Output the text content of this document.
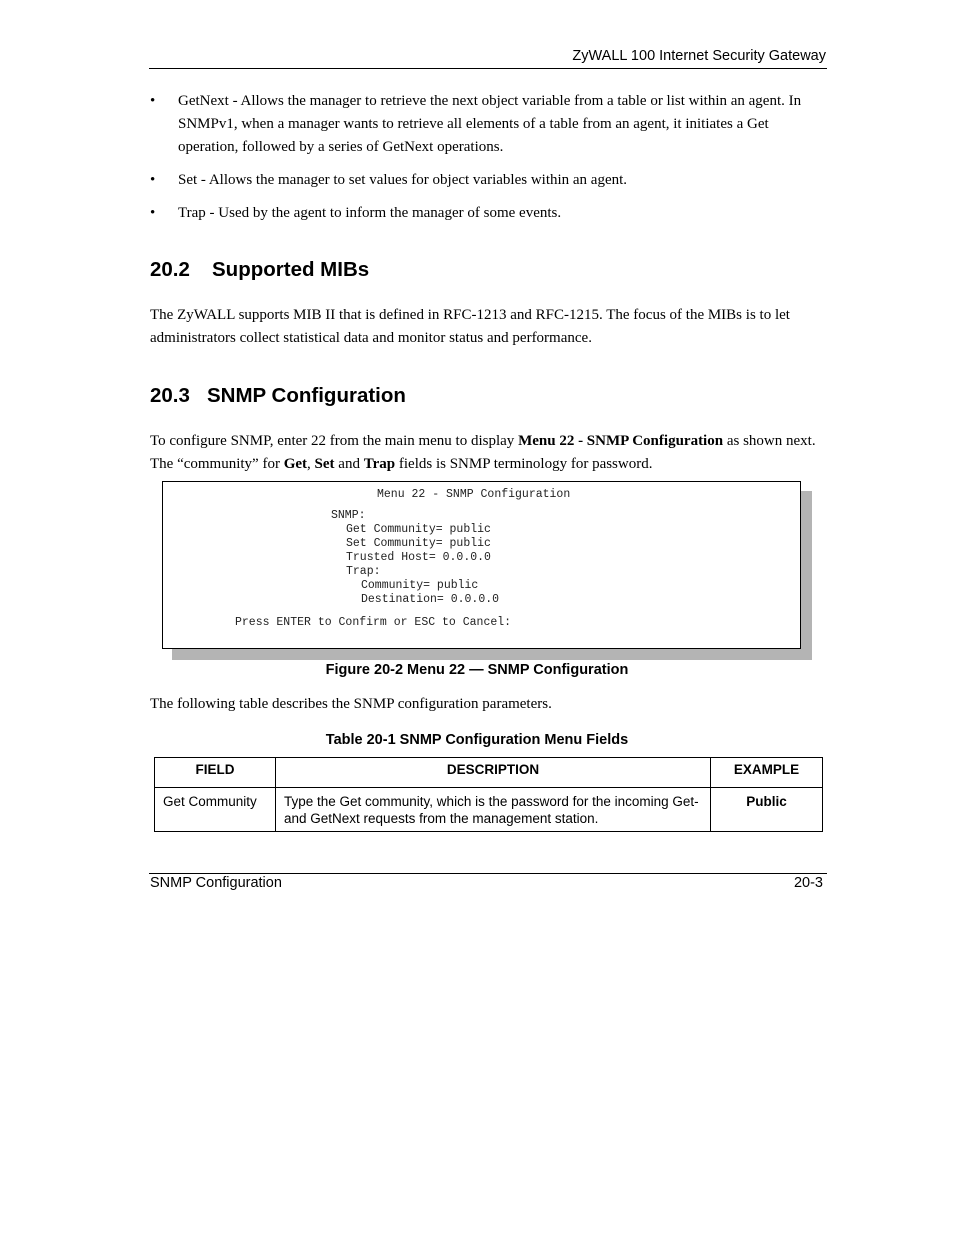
ZyWALL 100 Internet Security Gateway
• GetNext - Allows the manager to retrieve the next object variable from a table or list within an agent. In SNMPv1, when a manager wants to retrieve all elements of a table from an agent, it initiates a Get operation, followed by a series of GetNext operations.
• Set - Allows the manager to set values for object variables within an agent.
• Trap - Used by the agent to inform the manager of some events.
20.2 Supported MIBs

The ZyWALL supports MIB II that is defined in RFC-1213 and RFC-1215. The focus of the MIBs is to let administrators collect statistical data and monitor status and performance.

20.3 SNMP Configuration

To configure SNMP, enter 22 from the main menu to display Menu 22 - SNMP Configuration as shown next. The “community” for Get, Set and Trap fields is SNMP terminology for password.

Menu 22 - SNMP Configuration
SNMP:
Get Community= public
Set Community= public
Trusted Host= 0.0.0.0
Trap:
Community= public
Destination= 0.0.0.0
Press ENTER to Confirm or ESC to Cancel:

Figure 20-2 Menu 22 — SNMP Configuration

The following table describes the SNMP configuration parameters.

Table 20-1 SNMP Configuration Menu Fields

FIELD	DESCRIPTION	EXAMPLE
Get Community	Type the Get community, which is the password for the incoming Get- and GetNext requests from the management station.	Public
SNMP Configuration	20-3
